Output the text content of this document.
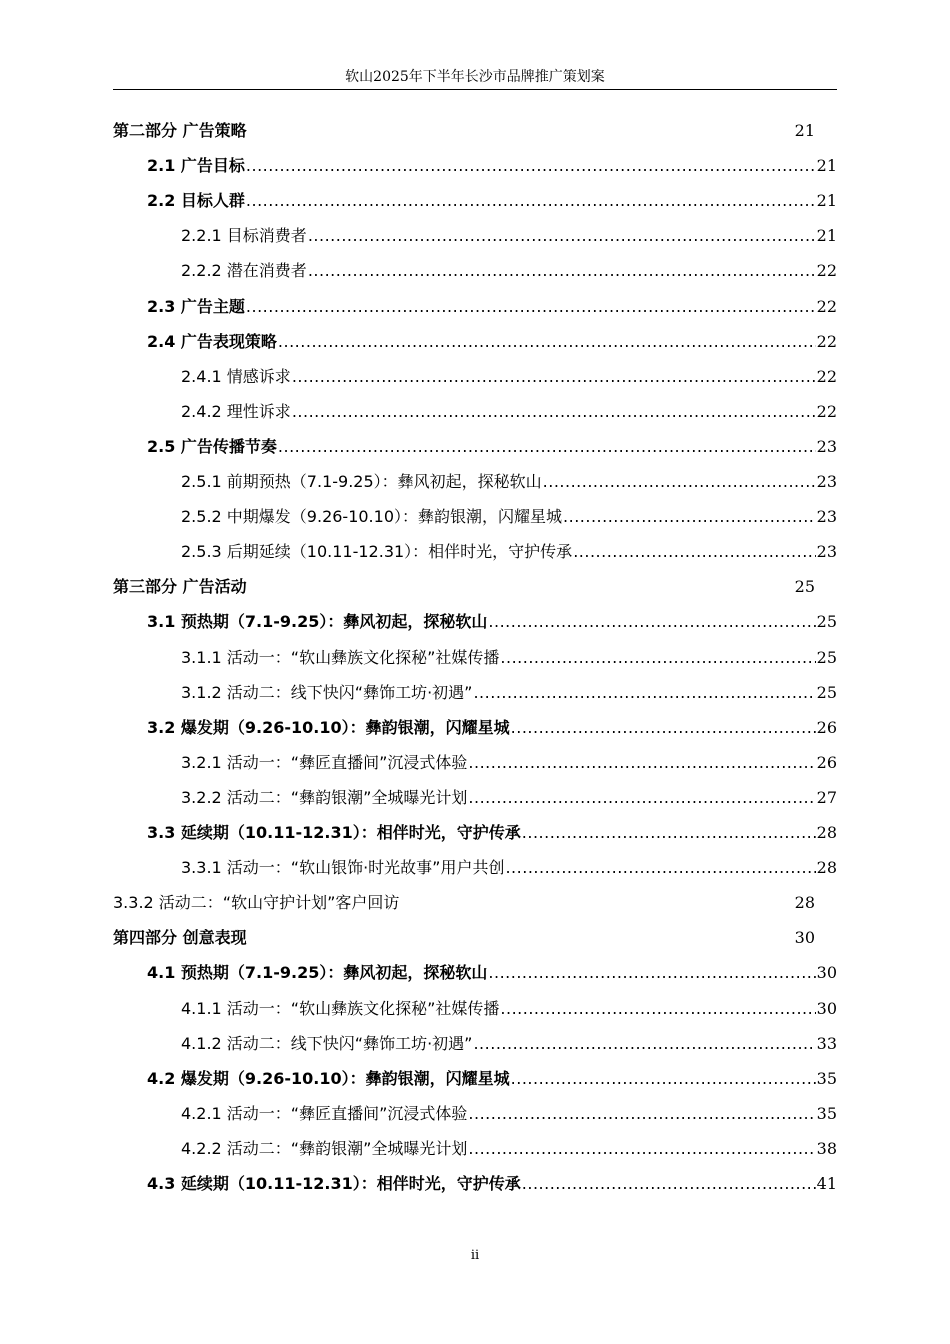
软山2025年下半年长沙市品牌推广策划案
第二部分 广告策略	21
2.1 广告目标 .....	21
2.2 目标人群 .....	21
2.2.1 目标消费者 .....	21
2.2.2 潜在消费者 .....	22
2.3 广告主题 .....	22
2.4 广告表现策略 .....	22
2.4.1 情感诉求 .....	22
2.4.2 理性诉求 .....	22
2.5 广告传播节奏 .....	23
2.5.1 前期预热（7.1-9.25）：彝风初起，探秘软山 .....	23
2.5.2 中期爆发（9.26-10.10）：彝韵银潮，闪耀星城 .....	23
2.5.3 后期延续（10.11-12.31）：相伴时光，守护传承 .....	23
第三部分 广告活动	25
3.1 预热期（7.1-9.25）：彝风初起，探秘软山 .....	25
3.1.1 活动一：“软山彝族文化探秘”社媒传播 .....	25
3.1.2 活动二：线下快闪“彝饰工坊·初遇” .....	25
3.2 爆发期（9.26-10.10）：彝韵银潮，闪耀星城 .....	26
3.2.1 活动一：“彝匠直播间”沉浸式体验 .....	26
3.2.2 活动二：“彝韵银潮”全城曝光计划 .....	27
3.3 延续期（10.11-12.31）：相伴时光，守护传承 .....	28
3.3.1 活动一：“软山银饰·时光故事”用户共创 .....	28
3.3.2 活动二：“软山守护计划”客户回访	28
第四部分 创意表现	30
4.1 预热期（7.1-9.25）：彝风初起，探秘软山 .....	30
4.1.1 活动一：“软山彝族文化探秘”社媒传播 .....	30
4.1.2 活动二：线下快闪“彝饰工坊·初遇” .....	33
4.2 爆发期（9.26-10.10）：彝韵银潮，闪耀星城 .....	35
4.2.1 活动一：“彝匠直播间”沉浸式体验 .....	35
4.2.2 活动二：“彝韵银潮”全城曝光计划 .....	38
4.3 延续期（10.11-12.31）：相伴时光，守护传承 .....	41
ii
